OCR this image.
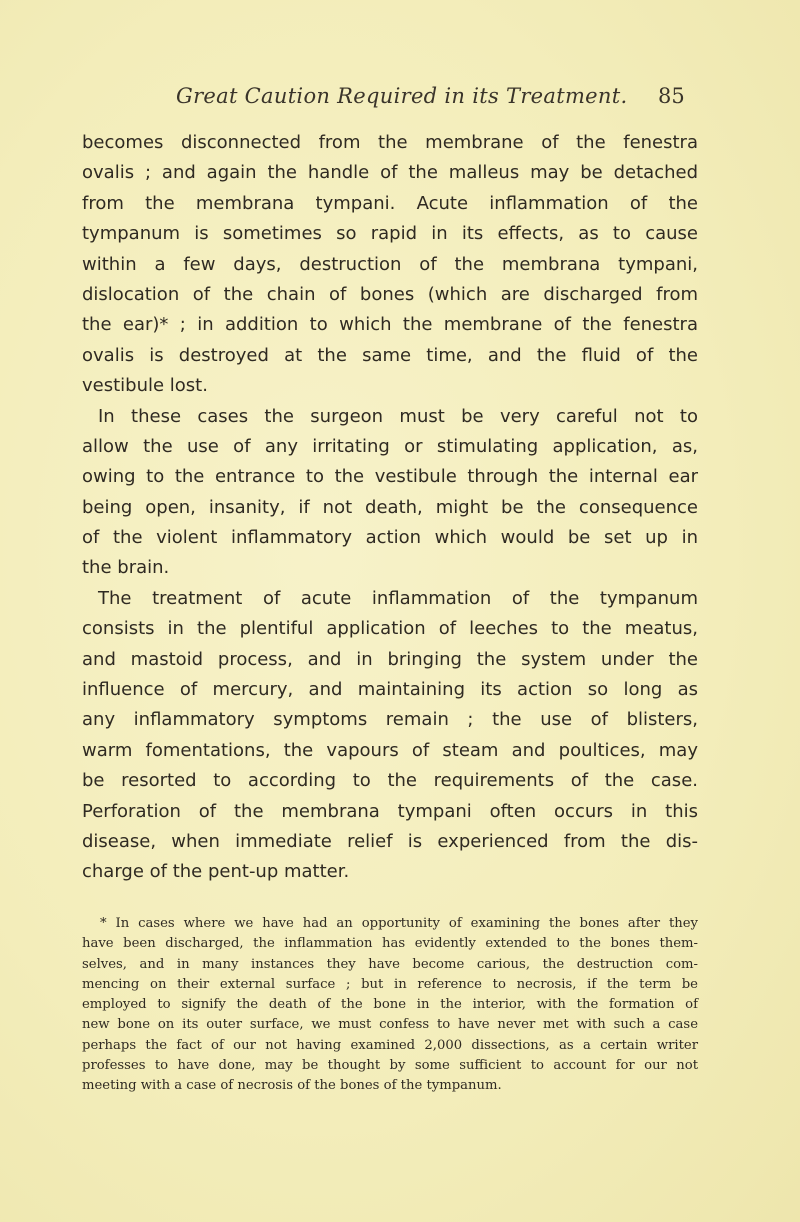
Great Caution Required in its Treatment. 85
becomes disconnected from the membrane of the fenestra
ovalis ; and again the handle of the malleus may be detached
from the membrana tympani. Acute inflammation of the
tympanum is sometimes so rapid in its effects, as to cause
within a few days, destruction of the membrana tympani,
dislocation of the chain of bones (which are discharged from
the ear)* ; in addition to which the membrane of the fenestra
ovalis is destroyed at the same time, and the fluid of the
vestibule lost.
In these cases the surgeon must be very careful not to
allow the use of any irritating or stimulating application, as,
owing to the entrance to the vestibule through the internal ear
being open, insanity, if not death, might be the consequence
of the violent inflammatory action which would be set up in
the brain.
The treatment of acute inflammation of the tympanum
consists in the plentiful application of leeches to the meatus,
and mastoid process, and in bringing the system under the
influence of mercury, and maintaining its action so long as
any inflammatory symptoms remain ; the use of blisters,
warm fomentations, the vapours of steam and poultices, may
be resorted to according to the requirements of the case.
Perforation of the membrana tympani often occurs in this
disease, when immediate relief is experienced from the dis-
charge of the pent-up matter.
* In cases where we have had an opportunity of examining the bones after they
have been discharged, the inflammation has evidently extended to the bones them-
selves, and in many instances they have become carious, the destruction com-
mencing on their external surface ; but in reference to necrosis, if the term be
employed to signify the death of the bone in the interior, with the formation of
new bone on its outer surface, we must confess to have never met with such a case
perhaps the fact of our not having examined 2,000 dissections, as a certain writer
professes to have done, may be thought by some sufficient to account for our not
meeting with a case of necrosis of the bones of the tympanum.
